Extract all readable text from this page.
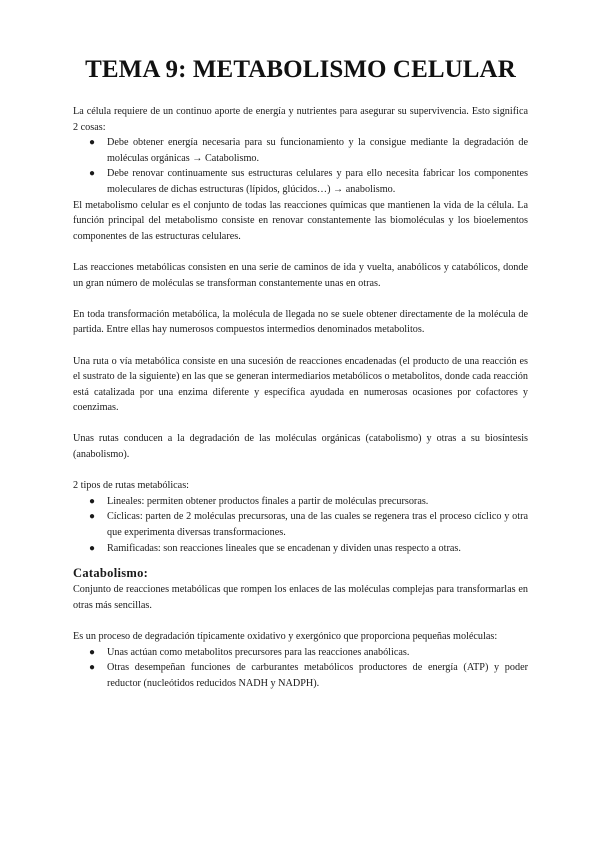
TEMA 9: METABOLISMO CELULAR

La célula requiere de un continuo aporte de energía y nutrientes para asegurar su supervivencia. Esto significa 2 cosas:

● Debe obtener energía necesaria para su funcionamiento y la consigue mediante la degradación de moléculas orgánicas → Catabolismo.
● Debe renovar continuamente sus estructuras celulares y para ello necesita fabricar los componentes moleculares de dichas estructuras (lípidos, glúcidos…) → anabolismo.

El metabolismo celular es el conjunto de todas las reacciones químicas que mantienen la vida de la célula. La función principal del metabolismo consiste en renovar constantemente las biomoléculas y los bioelementos componentes de las estructuras celulares.

Las reacciones metabólicas consisten en una serie de caminos de ida y vuelta, anabólicos y catabólicos, donde un gran número de moléculas se transforman constantemente unas en otras.

En toda transformación metabólica, la molécula de llegada no se suele obtener directamente de la molécula de partida. Entre ellas hay numerosos compuestos intermedios denominados metabolitos.

Una ruta o vía metabólica consiste en una sucesión de reacciones encadenadas (el producto de una reacción es el sustrato de la siguiente) en las que se generan intermediarios metabólicos o metabolitos, donde cada reacción está catalizada por una enzima diferente y específica ayudada en numerosas ocasiones por cofactores y coenzimas.

Unas rutas conducen a la degradación de las moléculas orgánicas (catabolismo) y otras a su biosíntesis (anabolismo).

2 tipos de rutas metabólicas:

● Lineales: permiten obtener productos finales a partir de moléculas precursoras.
● Cíclicas: parten de 2 moléculas precursoras, una de las cuales se regenera tras el proceso cíclico y otra que experimenta diversas transformaciones.
● Ramificadas: son reacciones lineales que se encadenan y dividen unas respecto a otras.
Catabolismo:

Conjunto de reacciones metabólicas que rompen los enlaces de las moléculas complejas para transformarlas en otras más sencillas.

Es un proceso de degradación típicamente oxidativo y exergónico que proporciona pequeñas moléculas:

● Unas actúan como metabolitos precursores para las reacciones anabólicas.
● Otras desempeñan funciones de carburantes metabólicos productores de energía (ATP) y poder reductor (nucleótidos reducidos NADH y NADPH).
